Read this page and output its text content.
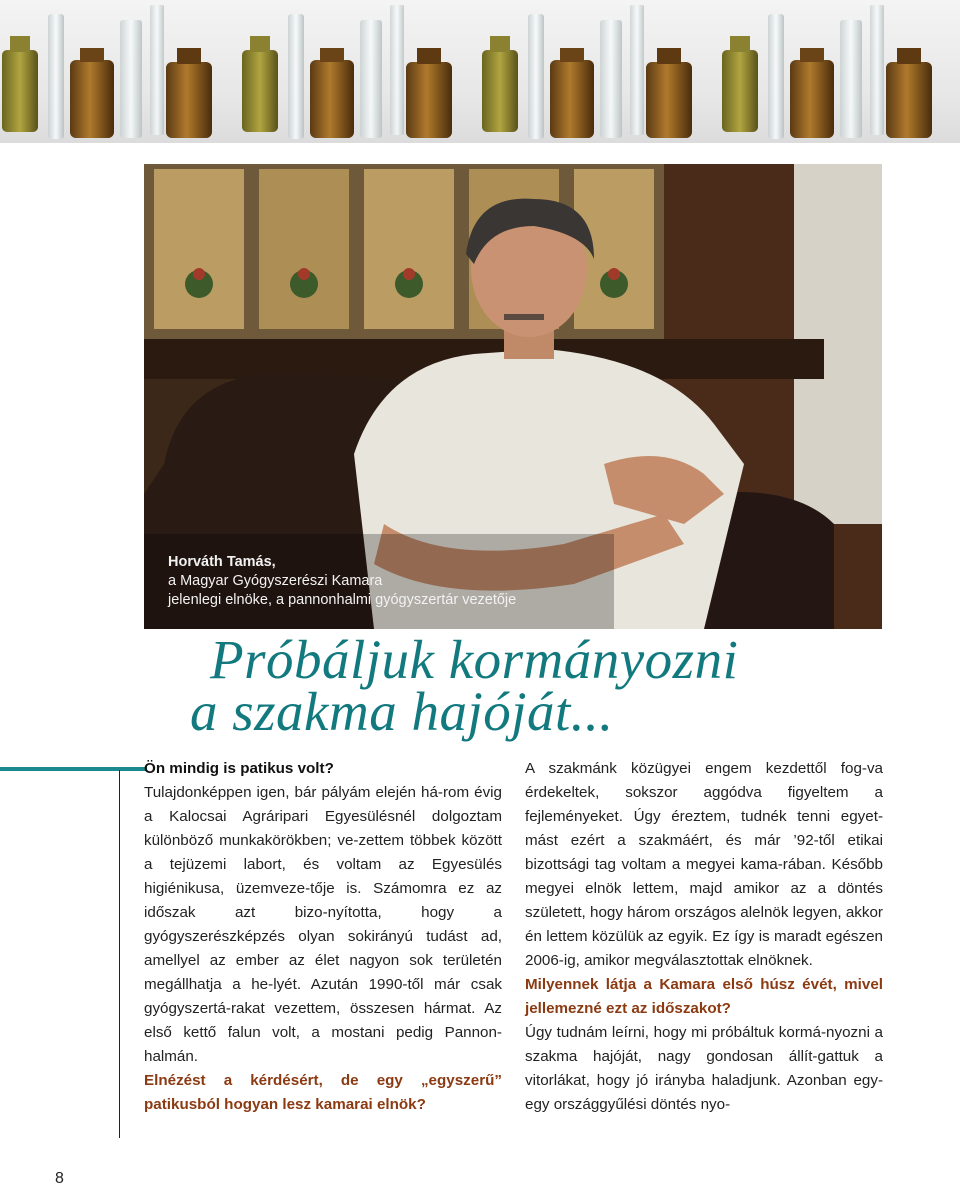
Horváth Tamás,
a Magyar Gyógyszerészi Kamara
jelenlegi elnöke, a pannonhalmi gyógyszertár vezetője
Próbáljuk kormányozni
a szakma hajóját...

Ön mindig is patikus volt?

Tulajdonképpen igen, bár pályám elején há-rom évig a Kalocsai Agráripari Egyesülésnél dolgoztam különböző munkakörökben; ve-zettem többek között a tejüzemi labort, és voltam az Egyesülés higiénikusa, üzemveze-tője is. Számomra ez az időszak azt bizo-nyította, hogy a gyógyszerészképzés olyan sokirányú tudást ad, amellyel az ember az élet nagyon sok területén megállhatja a he-lyét. Azután 1990-től már csak gyógyszertá-rakat vezettem, összesen hármat. Az első kettő falun volt, a mostani pedig Pannon-halmán.

Elnézést a kérdésért, de egy „egyszerű” patikusból hogyan lesz kamarai elnök?

A szakmánk közügyei engem kezdettől fog-va érdekeltek, sokszor aggódva figyeltem a fejleményeket. Úgy éreztem, tudnék tenni egyet-mást ezért a szakmáért, és már ’92-től etikai bizottsági tag voltam a megyei kama-rában. Később megyei elnök lettem, majd amikor az a döntés született, hogy három országos alelnök legyen, akkor én lettem közülük az egyik. Ez így is maradt egészen 2006-ig, amikor megválasztottak elnöknek.

Milyennek látja a Kamara első húsz évét, mivel jellemezné ezt az időszakot?

Úgy tudnám leírni, hogy mi próbáltuk kormá-nyozni a szakma hajóját, nagy gondosan állít-gattuk a vitorlákat, hogy jó irányba haladjunk. Azonban egy-egy országgyűlési döntés nyo-

8
